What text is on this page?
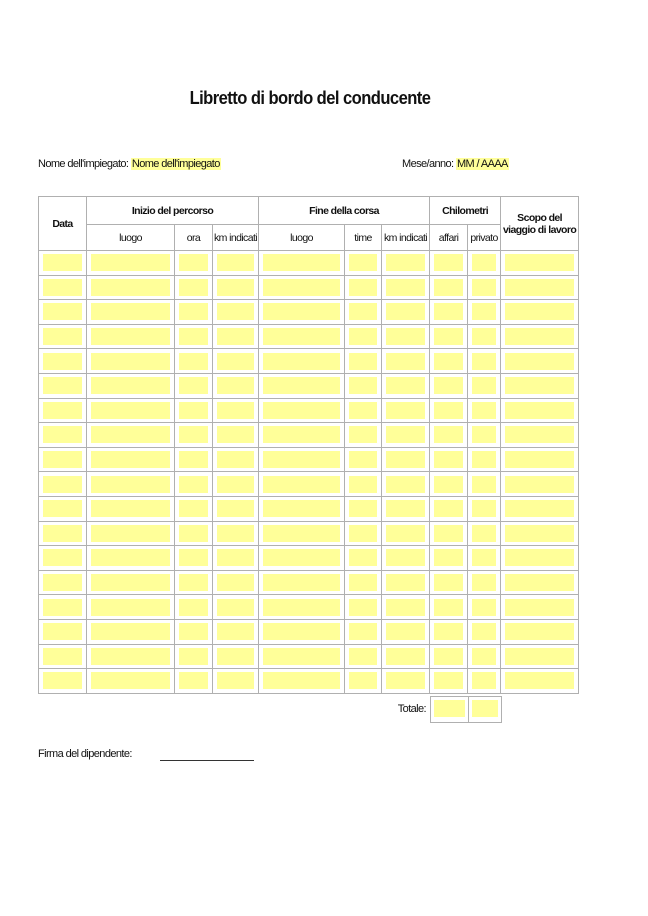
Libretto di bordo del conducente
Nome dell'impiegato: Nome dell'impiegato	Mese/anno: MM / AAAA
Data	Inizio del percorso			Fine della corsa			Chilometri		Scopo del viaggio di lavoro
	luogo	ora	km indicati	luogo	time	km indicati	affari	privato	

Totale:
Firma del dipendente:
